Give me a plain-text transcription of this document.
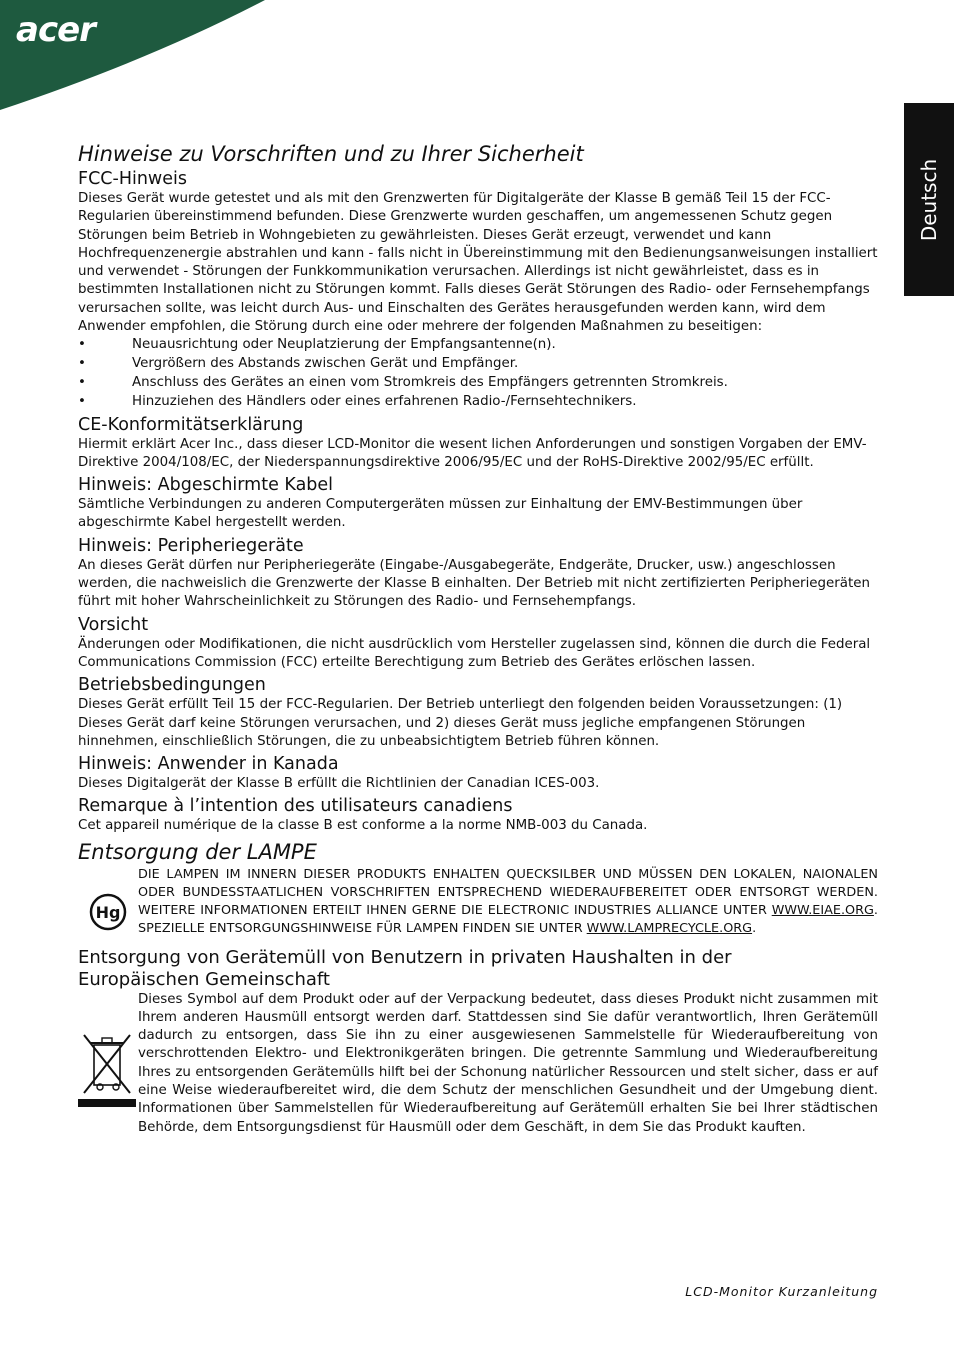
acer
Deutsch
Hinweise zu Vorschriften und zu Ihrer Sicherheit
FCC-Hinweis

Dieses Gerät wurde getestet und als mit den Grenzwerten für Digitalgeräte der Klasse B gemäß Teil 15 der FCC-Regularien übereinstimmend befunden. Diese Grenzwerte wurden geschaffen, um angemessenen Schutz gegen Störungen beim Betrieb in Wohngebieten zu gewährleisten. Dieses Gerät erzeugt, verwendet und kann Hochfrequenzenergie abstrahlen und kann - falls nicht in Übereinstimmung mit den Bedienungsanweisungen installiert und verwendet - Störungen der Funkkommunikation verursachen. Allerdings ist nicht gewährleistet, dass es in bestimmten Installationen nicht zu Störungen kommt. Falls dieses Gerät Störungen des Radio- oder Fernsehempfangs verursachen sollte, was leicht durch Aus- und Einschalten des Gerätes herausgefunden werden kann, wird dem Anwender empfohlen, die Störung durch eine oder mehrere der folgenden Maßnahmen zu beseitigen:

• Neuausrichtung oder Neuplatzierung der Empfangsantenne(n).
• Vergrößern des Abstands zwischen Gerät und Empfänger.
• Anschluss des Gerätes an einen vom Stromkreis des Empfängers getrennten Stromkreis.
• Hinzuziehen des Händlers oder eines erfahrenen Radio-/Fernsehtechnikers.
CE-Konformitätserklärung

Hiermit erklärt Acer Inc., dass dieser LCD-Monitor die wesent lichen Anforderungen und sonstigen Vorgaben der EMV-Direktive 2004/108/EC, der Niederspannungsdirektive 2006/95/EC und der RoHS-Direktive 2002/95/EC erfüllt.

Hinweis: Abgeschirmte Kabel

Sämtliche Verbindungen zu anderen Computergeräten müssen zur Einhaltung der EMV-Bestimmungen über abgeschirmte Kabel hergestellt werden.

Hinweis: Peripheriegeräte

An dieses Gerät dürfen nur Peripheriegeräte (Eingabe-/Ausgabegeräte, Endgeräte, Drucker, usw.) angeschlossen werden, die nachweislich die Grenzwerte der Klasse B einhalten. Der Betrieb mit nicht zertifizierten Peripheriegeräten führt mit hoher Wahrscheinlichkeit zu Störungen des Radio- und Fernsehempfangs.

Vorsicht

Änderungen oder Modifikationen, die nicht ausdrücklich vom Hersteller zugelassen sind, können die durch die Federal Communications Commission (FCC) erteilte Berechtigung zum Betrieb des Gerätes erlöschen lassen.

Betriebsbedingungen

Dieses Gerät erfüllt Teil 15 der FCC-Regularien. Der Betrieb unterliegt den folgenden beiden Voraussetzungen: (1) Dieses Gerät darf keine Störungen verursachen, und 2) dieses Gerät muss jegliche empfangenen Störungen hinnehmen, einschließlich Störungen, die zu unbeabsichtigtem Betrieb führen können.

Hinweis: Anwender in Kanada

Dieses Digitalgerät der Klasse B erfüllt die Richtlinien der Canadian ICES-003.

Remarque à l’intention des utilisateurs canadiens

Cet appareil numérique de la classe B est conforme a la norme NMB-003 du Canada.

Entsorgung der LAMPE
Hg
DIE LAMPEN IM INNERN DIESER PRODUKTS ENHALTEN QUECKSILBER UND MÜSSEN DEN LOKALEN, NAIONALEN ODER BUNDESSTAATLICHEN VORSCHRIFTEN ENTSPRECHEND WIEDERAUFBEREITET ODER ENTSORGT WERDEN. WEITERE INFORMATIONEN ERTEILT IHNEN GERNE DIE ELECTRONIC INDUSTRIES ALLIANCE UNTER WWW.EIAE.ORG. SPEZIELLE ENTSORGUNGSHINWEISE FÜR LAMPEN FINDEN SIE UNTER WWW.LAMPRECYCLE.ORG.
Entsorgung von Gerätemüll von Benutzern in privaten Haushalten in der Europäischen Gemeinschaft

Dieses Symbol auf dem Produkt oder auf der Verpackung bedeutet, dass dieses Produkt nicht zusammen mit Ihrem anderen Hausmüll entsorgt werden darf. Stattdessen sind Sie dafür verantwortlich, Ihren Gerätemüll dadurch zu entsorgen, dass Sie ihn zu einer ausgewiesenen Sammelstelle für Wiederaufbereitung von verschrottenden Elektro- und Elektronikgeräten bringen. Die getrennte Sammlung und Wiederaufbereitung Ihres zu entsorgenden Gerätemülls hilft bei der Schonung natürlicher Ressourcen und stelt sicher, dass er auf eine Weise wiederaufbereitet wird, die dem Schutz der menschlichen Gesundheit und der Umgebung dient. Informationen über Sammelstellen für Wiederaufbereitung auf Gerätemüll erhalten Sie bei Ihrer städtischen Behörde, dem Entsorgungsdienst für Hausmüll oder dem Geschäft, in dem Sie das Produkt kauften.

LCD-Monitor Kurzanleitung
